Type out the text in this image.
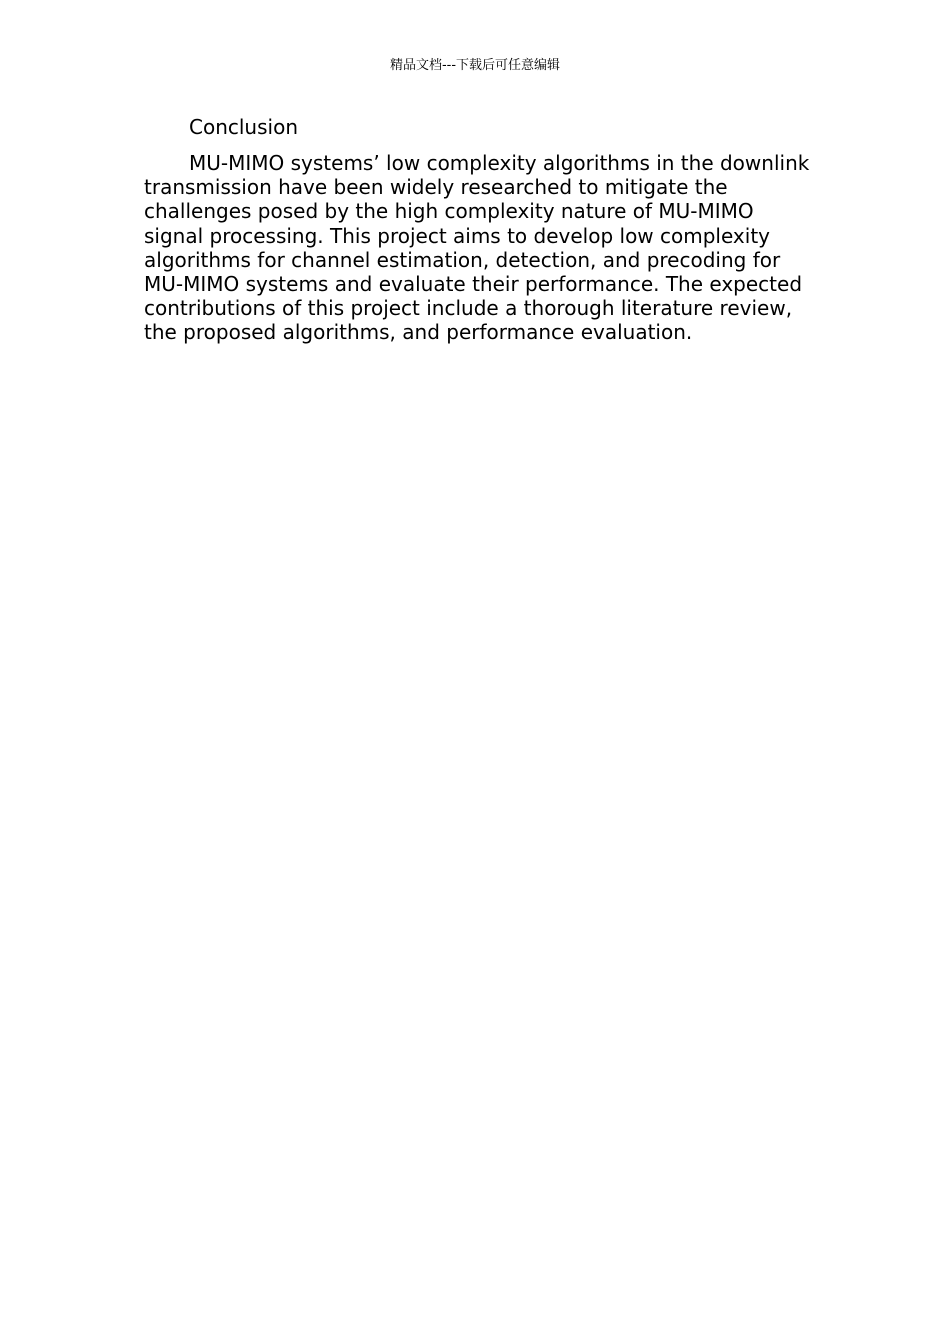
精品文档---下载后可任意编辑
Conclusion

MU-MIMO systems’ low complexity algorithms in the downlink transmission have been widely researched to mitigate the challenges posed by the high complexity nature of MU-MIMO signal processing. This project aims to develop low complexity algorithms for channel estimation, detection, and precoding for MU-MIMO systems and evaluate their performance. The expected contributions of this project include a thorough literature review, the proposed algorithms, and performance evaluation.
